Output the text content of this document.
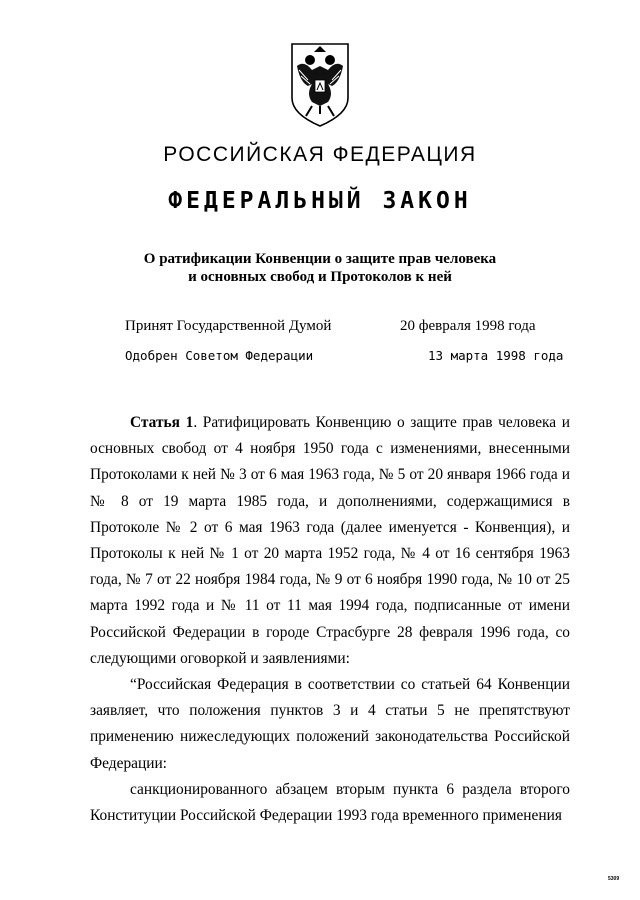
РОССИЙСКАЯ ФЕДЕРАЦИЯ
ФЕДЕРАЛЬНЫЙ ЗАКОН
О ратификации Конвенции о защите прав человека
и основных свобод и Протоколов к ней
Принят Государственной Думой	20 февраля 1998 года
Одобрен Советом Федерации	13 марта 1998 года

Статья 1. Ратифицировать Конвенцию о защите прав человека и основных свобод от 4 ноября 1950 года с изменениями, внесенными Протоколами к ней № 3 от 6 мая 1963 года, № 5 от 20 января 1966 года и № 8 от 19 марта 1985 года, и дополнениями, содержащимися в Протоколе № 2 от 6 мая 1963 года (далее именуется - Конвенция), и Протоколы к ней № 1 от 20 марта 1952 года, № 4 от 16 сентября 1963 года, № 7 от 22 ноября 1984 года, № 9 от 6 ноября 1990 года, № 10 от 25 марта 1992 года и № 11 от 11 мая 1994 года, подписанные от имени Российской Федерации в городе Страсбурге 28 февраля 1996 года, со следующими оговоркой и заявлениями:

“Российская Федерация в соответствии со статьей 64 Конвенции заявляет, что положения пунктов 3 и 4 статьи 5 не препятствуют применению нижеследующих положений законодательства Российской Федерации:

санкционированного абзацем вторым пункта 6 раздела второго Конституции Российской Федерации 1993 года временного применения

5309
